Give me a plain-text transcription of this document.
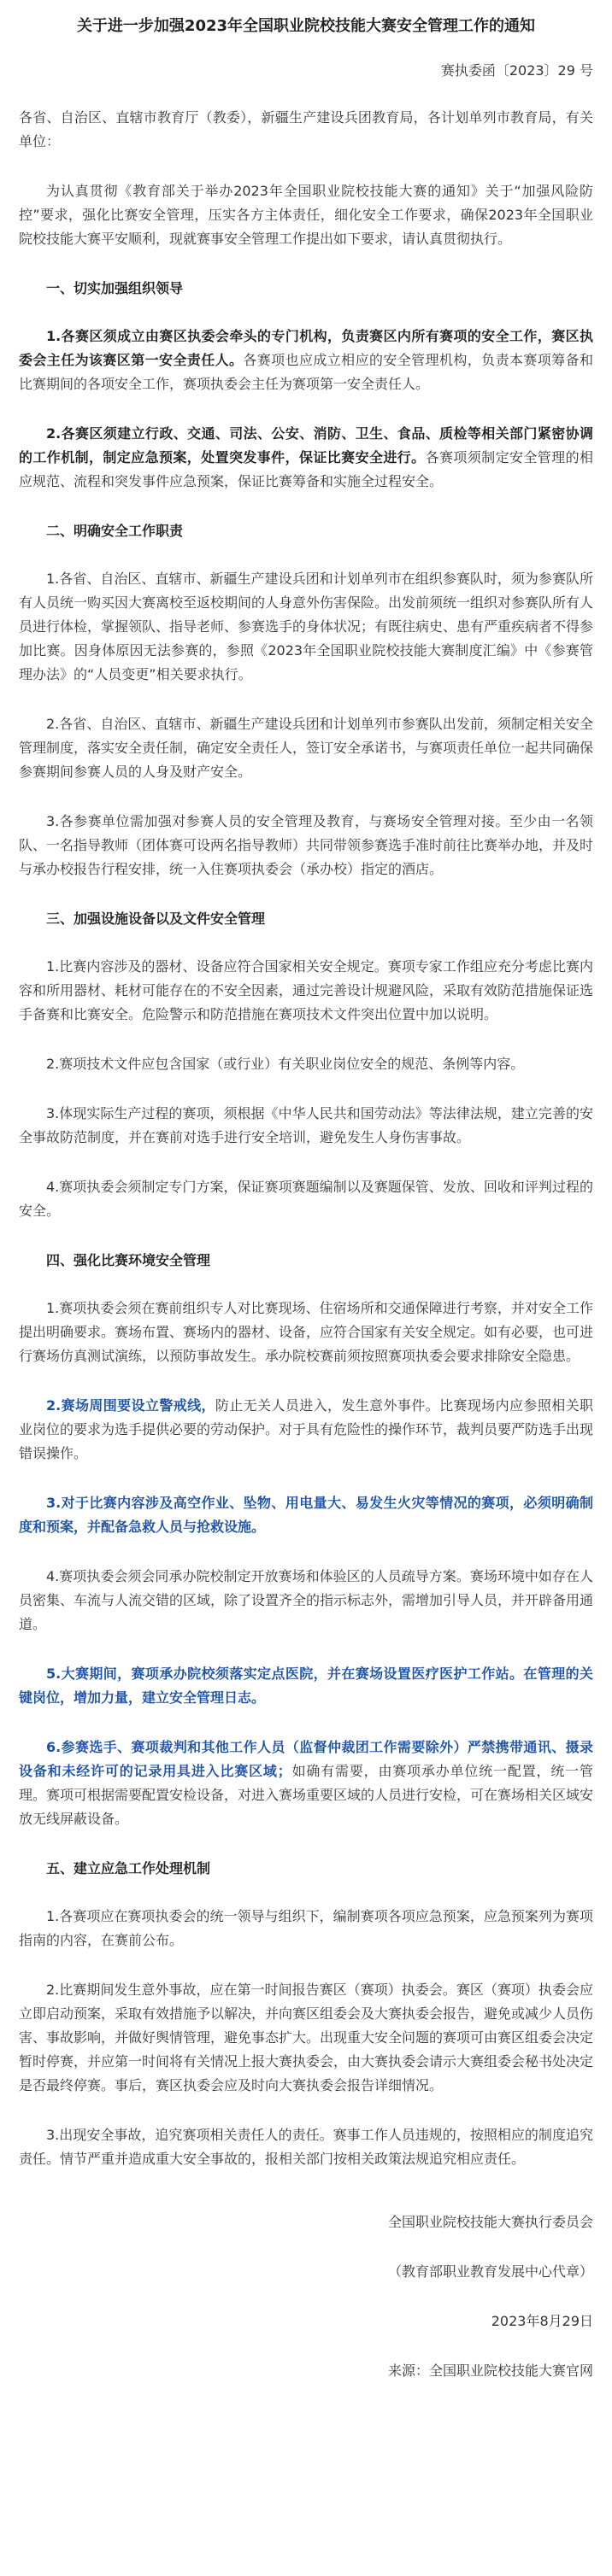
关于进一步加强2023年全国职业院校技能大赛安全管理工作的通知
赛执委函〔2023〕29 号

各省、自治区、直辖市教育厅（教委），新疆生产建设兵团教育局，各计划单列市教育局，有关单位：

为认真贯彻《教育部关于举办2023年全国职业院校技能大赛的通知》关于“加强风险防控”要求，强化比赛安全管理，压实各方主体责任，细化安全工作要求，确保2023年全国职业院校技能大赛平安顺利，现就赛事安全管理工作提出如下要求，请认真贯彻执行。

一、切实加强组织领导

1.各赛区须成立由赛区执委会牵头的专门机构，负责赛区内所有赛项的安全工作，赛区执委会主任为该赛区第一安全责任人。各赛项也应成立相应的安全管理机构，负责本赛项筹备和比赛期间的各项安全工作，赛项执委会主任为赛项第一安全责任人。

2.各赛区须建立行政、交通、司法、公安、消防、卫生、食品、质检等相关部门紧密协调的工作机制，制定应急预案，处置突发事件，保证比赛安全进行。各赛项须制定安全管理的相应规范、流程和突发事件应急预案，保证比赛筹备和实施全过程安全。

二、明确安全工作职责

1.各省、自治区、直辖市、新疆生产建设兵团和计划单列市在组织参赛队时，须为参赛队所有人员统一购买因大赛离校至返校期间的人身意外伤害保险。出发前须统一组织对参赛队所有人员进行体检，掌握领队、指导老师、参赛选手的身体状况；有既往病史、患有严重疾病者不得参加比赛。因身体原因无法参赛的，参照《2023年全国职业院校技能大赛制度汇编》中《参赛管理办法》的“人员变更”相关要求执行。

2.各省、自治区、直辖市、新疆生产建设兵团和计划单列市参赛队出发前，须制定相关安全管理制度，落实安全责任制，确定安全责任人，签订安全承诺书，与赛项责任单位一起共同确保参赛期间参赛人员的人身及财产安全。

3.各参赛单位需加强对参赛人员的安全管理及教育，与赛场安全管理对接。至少由一名领队、一名指导教师（团体赛可设两名指导教师）共同带领参赛选手准时前往比赛举办地，并及时与承办校报告行程安排，统一入住赛项执委会（承办校）指定的酒店。

三、加强设施设备以及文件安全管理

1.比赛内容涉及的器材、设备应符合国家相关安全规定。赛项专家工作组应充分考虑比赛内容和所用器材、耗材可能存在的不安全因素，通过完善设计规避风险，采取有效防范措施保证选手备赛和比赛安全。危险警示和防范措施在赛项技术文件突出位置中加以说明。

2.赛项技术文件应包含国家（或行业）有关职业岗位安全的规范、条例等内容。

3.体现实际生产过程的赛项，须根据《中华人民共和国劳动法》等法律法规，建立完善的安全事故防范制度，并在赛前对选手进行安全培训，避免发生人身伤害事故。

4.赛项执委会须制定专门方案，保证赛项赛题编制以及赛题保管、发放、回收和评判过程的安全。

四、强化比赛环境安全管理

1.赛项执委会须在赛前组织专人对比赛现场、住宿场所和交通保障进行考察，并对安全工作提出明确要求。赛场布置、赛场内的器材、设备，应符合国家有关安全规定。如有必要，也可进行赛场仿真测试演练，以预防事故发生。承办院校赛前须按照赛项执委会要求排除安全隐患。

2.赛场周围要设立警戒线，防止无关人员进入，发生意外事件。比赛现场内应参照相关职业岗位的要求为选手提供必要的劳动保护。对于具有危险性的操作环节，裁判员要严防选手出现错误操作。

3.对于比赛内容涉及高空作业、坠物、用电量大、易发生火灾等情况的赛项，必须明确制度和预案，并配备急救人员与抢救设施。

4.赛项执委会须会同承办院校制定开放赛场和体验区的人员疏导方案。赛场环境中如存在人员密集、车流与人流交错的区域，除了设置齐全的指示标志外，需增加引导人员，并开辟备用通道。

5.大赛期间，赛项承办院校须落实定点医院，并在赛场设置医疗医护工作站。在管理的关键岗位，增加力量，建立安全管理日志。

6.参赛选手、赛项裁判和其他工作人员（监督仲裁团工作需要除外）严禁携带通讯、摄录设备和未经许可的记录用具进入比赛区域；如确有需要，由赛项承办单位统一配置，统一管理。赛项可根据需要配置安检设备，对进入赛场重要区域的人员进行安检，可在赛场相关区域安放无线屏蔽设备。

五、建立应急工作处理机制

1.各赛项应在赛项执委会的统一领导与组织下，编制赛项各项应急预案，应急预案列为赛项指南的内容，在赛前公布。

2.比赛期间发生意外事故，应在第一时间报告赛区（赛项）执委会。赛区（赛项）执委会应立即启动预案，采取有效措施予以解决，并向赛区组委会及大赛执委会报告，避免或减少人员伤害、事故影响，并做好舆情管理，避免事态扩大。出现重大安全问题的赛项可由赛区组委会决定暂时停赛，并应第一时间将有关情况上报大赛执委会，由大赛执委会请示大赛组委会秘书处决定是否最终停赛。事后，赛区执委会应及时向大赛执委会报告详细情况。

3.出现安全事故，追究赛项相关责任人的责任。赛事工作人员违规的，按照相应的制度追究责任。情节严重并造成重大安全事故的，报相关部门按相关政策法规追究相应责任。

全国职业院校技能大赛执行委员会
（教育部职业教育发展中心代章）
2023年8月29日
来源：全国职业院校技能大赛官网
